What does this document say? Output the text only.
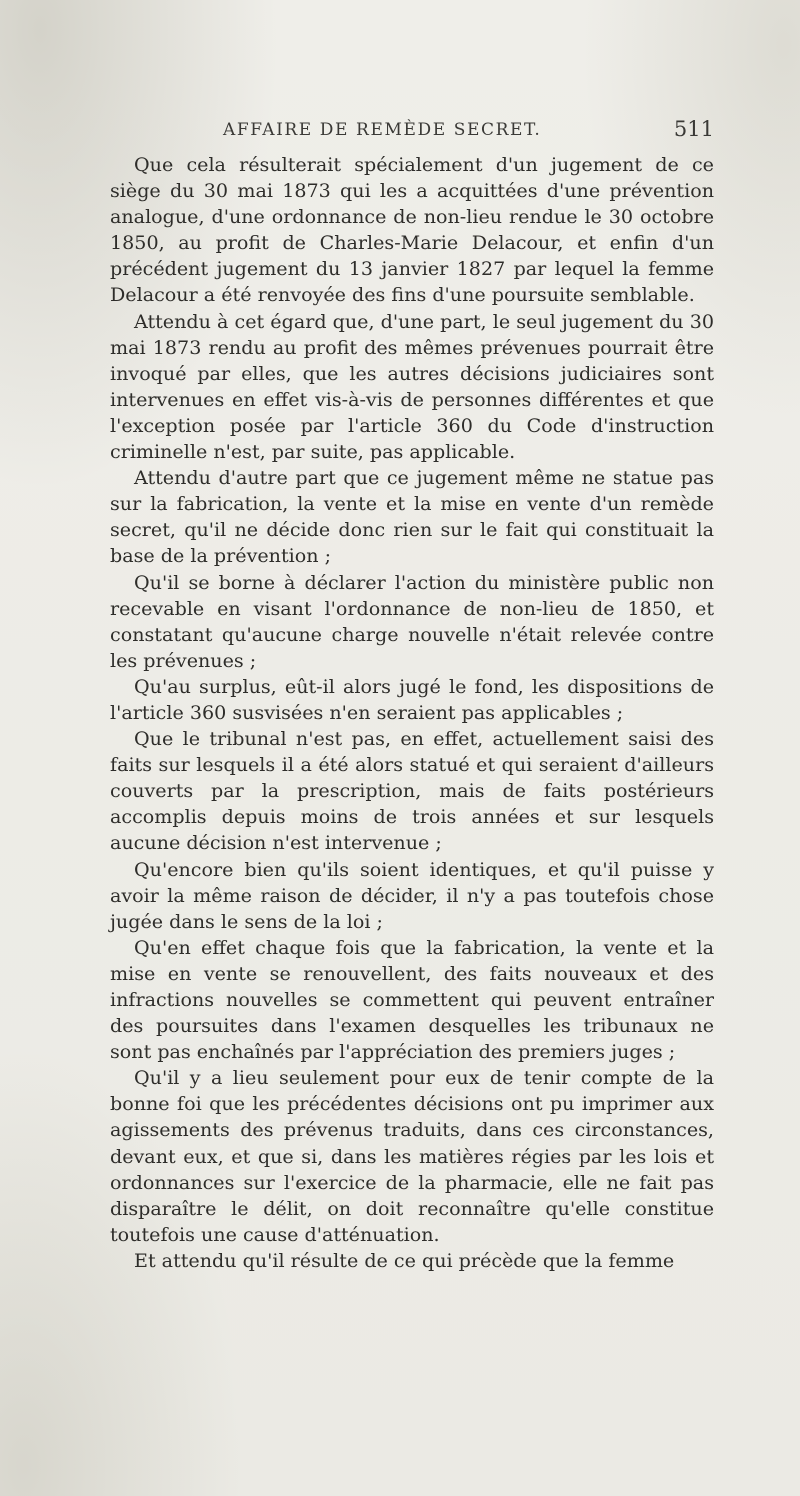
AFFAIRE DE REMÈDE SECRET.	511

Que cela résulterait spécialement d'un jugement de ce siège du 30 mai 1873 qui les a acquittées d'une prévention analogue, d'une ordonnance de non-lieu rendue le 30 octobre 1850, au profit de Charles-Marie Delacour, et enfin d'un précédent jugement du 13 janvier 1827 par lequel la femme Delacour a été renvoyée des fins d'une poursuite semblable.

Attendu à cet égard que, d'une part, le seul jugement du 30 mai 1873 rendu au profit des mêmes prévenues pourrait être invoqué par elles, que les autres décisions judiciaires sont intervenues en effet vis-à-vis de personnes différentes et que l'exception posée par l'article 360 du Code d'instruction criminelle n'est, par suite, pas applicable.

Attendu d'autre part que ce jugement même ne statue pas sur la fabrication, la vente et la mise en vente d'un remède secret, qu'il ne décide donc rien sur le fait qui constituait la base de la prévention ;

Qu'il se borne à déclarer l'action du ministère public non recevable en visant l'ordonnance de non-lieu de 1850, et constatant qu'aucune charge nouvelle n'était relevée contre les prévenues ;

Qu'au surplus, eût-il alors jugé le fond, les dispositions de l'article 360 susvisées n'en seraient pas applicables ;

Que le tribunal n'est pas, en effet, actuellement saisi des faits sur lesquels il a été alors statué et qui seraient d'ailleurs couverts par la prescription, mais de faits postérieurs accomplis depuis moins de trois années et sur lesquels aucune décision n'est intervenue ;

Qu'encore bien qu'ils soient identiques, et qu'il puisse y avoir la même raison de décider, il n'y a pas toutefois chose jugée dans le sens de la loi ;

Qu'en effet chaque fois que la fabrication, la vente et la mise en vente se renouvellent, des faits nouveaux et des infractions nouvelles se commettent qui peuvent entraîner des poursuites dans l'examen desquelles les tribunaux ne sont pas enchaînés par l'appréciation des premiers juges ;

Qu'il y a lieu seulement pour eux de tenir compte de la bonne foi que les précédentes décisions ont pu imprimer aux agissements des prévenus traduits, dans ces circonstances, devant eux, et que si, dans les matières régies par les lois et ordonnances sur l'exercice de la pharmacie, elle ne fait pas disparaître le délit, on doit reconnaître qu'elle constitue toutefois une cause d'atténuation.

Et attendu qu'il résulte de ce qui précède que la femme
